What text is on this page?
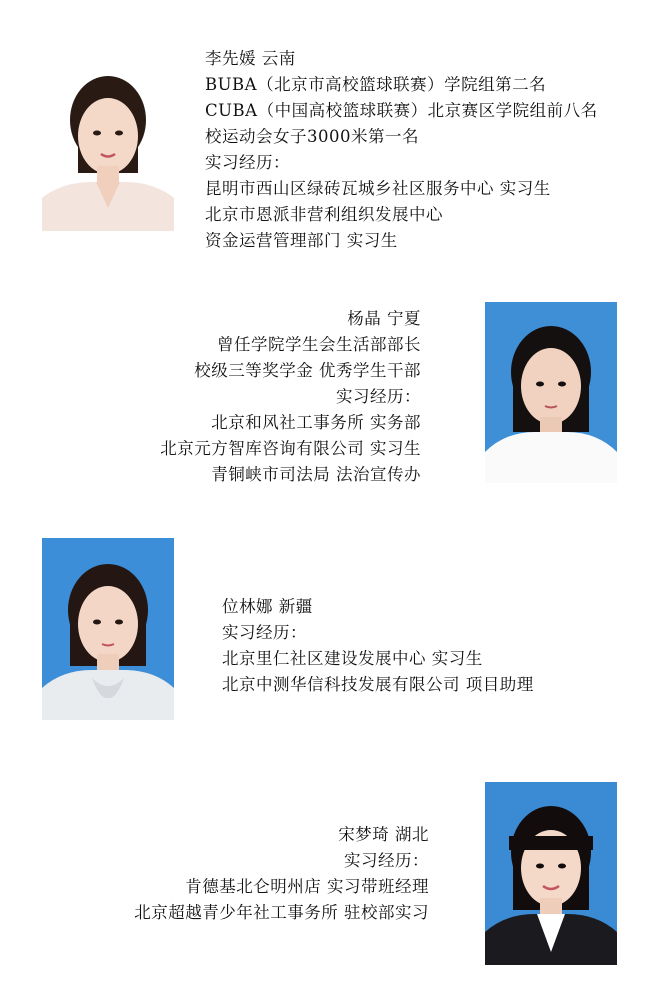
李先媛 云南
BUBA（北京市高校篮球联赛）学院组第二名
CUBA（中国高校篮球联赛）北京赛区学院组前八名
校运动会女子3000米第一名
实习经历：
昆明市西山区绿砖瓦城乡社区服务中心 实习生
北京市恩派非营利组织发展中心
资金运营管理部门 实习生
杨晶 宁夏
曾任学院学生会生活部部长
校级三等奖学金 优秀学生干部
实习经历：
北京和风社工事务所 实务部
北京元方智库咨询有限公司 实习生
青铜峡市司法局 法治宣传办
位林娜 新疆
实习经历：
北京里仁社区建设发展中心 实习生
北京中测华信科技发展有限公司 项目助理
宋梦琦 湖北
实习经历：
肯德基北仑明州店 实习带班经理
北京超越青少年社工事务所 驻校部实习
